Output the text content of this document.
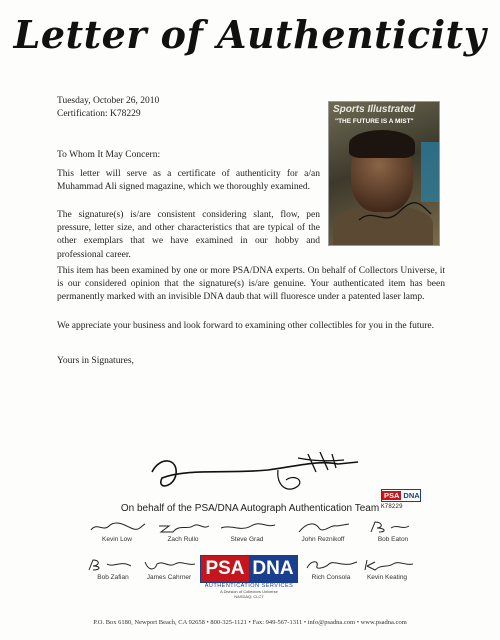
Letter of Authenticity
Tuesday, October 26, 2010
Certification: K78229	Sports Illustrated
"THE FUTURE IS A MIST"
To Whom It May Concern:
This letter will serve as a certificate of authenticity for a/an Muhammad Ali signed magazine, which we thoroughly examined.
The signature(s) is/are consistent considering slant, flow, pen pressure, letter size, and other characteristics that are typical of the other exemplars that we have examined in our hobby and professional career.
This item has been examined by one or more PSA/DNA experts. On behalf of Collectors Universe, it is our considered opinion that the signature(s) is/are genuine. Your authenticated item has been permanently marked with an invisible DNA daub that will fluoresce under a patented laser lamp.
We appreciate your business and look forward to examining other collectibles for you in the future.
Yours in Signatures,
PSA DNA
K78229
On behalf of the PSA/DNA Autograph Authentication Team
Kevin Low	Zach Rullo	Steve Grad	John Reznikoff	Bob Eaton
Bob Zafian	James Cahrner PSA DNA
AUTHENTICATION SERVICES
A Division of Collectors Universe
NASDAQ: CLCT
Rich Consola	Kevin Keating
P.O. Box 6180, Newport Beach, CA 92658 • 800-325-1121 • Fax: 949-567-1311 • info@psadna.com • www.psadna.com
